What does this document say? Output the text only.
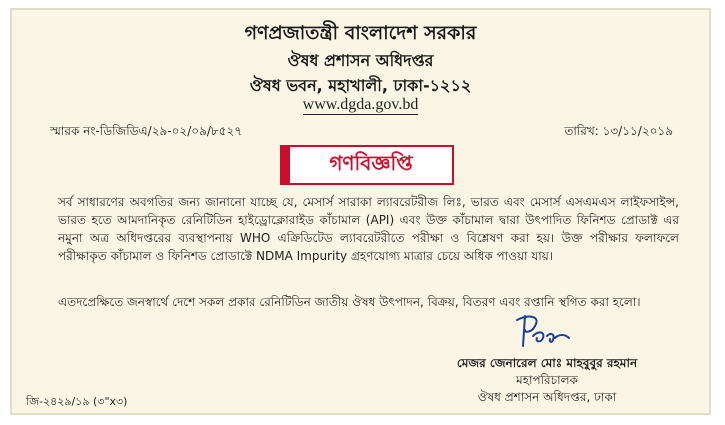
গণপ্রজাতন্ত্রী বাংলাদেশ সরকার
ঔষধ প্রশাসন অধিদপ্তর
ঔষধ ভবন, মহাখালী, ঢাকা-১২১২
www.dgda.gov.bd
স্মারক নং-ডিজিডিএ/২৯-০২/০৯/৮৫২৭	তারিখ: ১৩/১১/২০১৯
গণবিজ্ঞপ্তি
সর্ব সাধারণের অবগতির জন্য জানানো যাচ্ছে যে, মেসার্স সারাকা ল্যাবরেটরীজ লিঃ, ভারত এবং মেসার্স এসএমএস লাইফসাইন্স, ভারত হতে আমদানিকৃত রেনিটিডিন হাইড্রোক্লোরাইড কাঁচামাল (API) এবং উক্ত কাঁচামাল দ্বারা উৎপাদিত ফিনিশড প্রোডাক্ট এর নমুনা অত্র অধিদপ্তরের ব্যবস্থাপনায় WHO এক্রিডিটেড ল্যাবরেটরীতে পরীক্ষা ও বিশ্লেষণ করা হয়। উক্ত পরীক্ষার ফলাফলে পরীক্ষাকৃত কাঁচামাল ও ফিনিশড প্রোডাক্টে NDMA Impurity গ্রহণযোগ্য মাত্রার চেয়ে অধিক পাওয়া যায়।
এতদপ্রেক্ষিতে জনস্বার্থে দেশে সকল প্রকার রেনিটিডিন জাতীয় ঔষধ উৎপাদন, বিক্রয়, বিতরণ এবং রপ্তানি স্থগিত করা হলো।
মেজর জেনারেল মোঃ মাহবুবুর রহমান
মহাপরিচালক
ঔষধ প্রশাসন অধিদপ্তর, ঢাকা
জি-২৪২৯/১৯ (৩"x৩)
